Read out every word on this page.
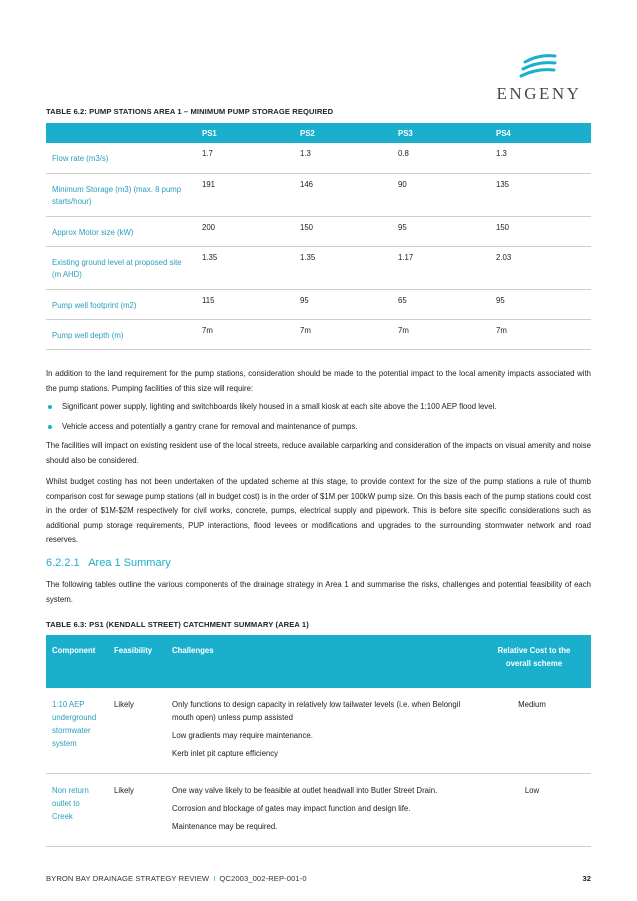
ENGENY
TABLE 6.2: PUMP STATIONS AREA 1 – MINIMUM PUMP STORAGE REQUIRED
	PS1	PS2	PS3	PS4
Flow rate (m3/s)	1.7	1.3	0.8	1.3
Minimum Storage (m3) (max. 8 pump starts/hour)	191	146	90	135
Approx Motor size (kW)	200	150	95	150
Existing ground level at proposed site (m AHD)	1.35	1.35	1.17	2.03
Pump well footprint (m2)	115	95	65	95
Pump well depth (m)	7m	7m	7m	7m

In addition to the land requirement for the pump stations, consideration should be made to the potential impact to the local amenity impacts associated with the pump stations. Pumping facilities of this size will require:

Significant power supply, lighting and switchboards likely housed in a small kiosk at each site above the 1:100 AEP flood level.
Vehicle access and potentially a gantry crane for removal and maintenance of pumps.

The facilities will impact on existing resident use of the local streets, reduce available carparking and consideration of the impacts on visual amenity and noise should also be considered.

Whilst budget costing has not been undertaken of the updated scheme at this stage, to provide context for the size of the pump stations a rule of thumb comparison cost for sewage pump stations (all in budget cost) is in the order of $1M per 100kW pump size. On this basis each of the pump stations could cost in the order of $1M-$2M respectively for civil works, concrete, pumps, electrical supply and pipework. This is before site specific considerations such as additional pump storage requirements, PUP interactions, flood levees or modifications and upgrades to the surrounding stormwater network and road reserves.

6.2.2.1   Area 1 Summary

The following tables outline the various components of the drainage strategy in Area 1 and summarise the risks, challenges and potential feasibility of each system.

TABLE 6.3: PS1 (KENDALL STREET) CATCHMENT SUMMARY (AREA 1)
Component	Feasibility	Challenges	Relative Cost to the overall scheme
1:10 AEP underground stormwater system	Likely	Only functions to design capacity in relatively low tailwater levels (i.e. when Belongil mouth open) unless pump assisted
Low gradients may require maintenance.
Kerb inlet pit capture efficiency	Medium
Non return outlet to Creek	Likely	One way valve likely to be feasible at outlet headwall into Butler Street Drain.
Corrosion and blockage of gates may impact function and design life.
Maintenance may be required.	Low
BYRON BAY DRAINAGE STRATEGY REVIEW I QC2003_002-REP-001-0	32
